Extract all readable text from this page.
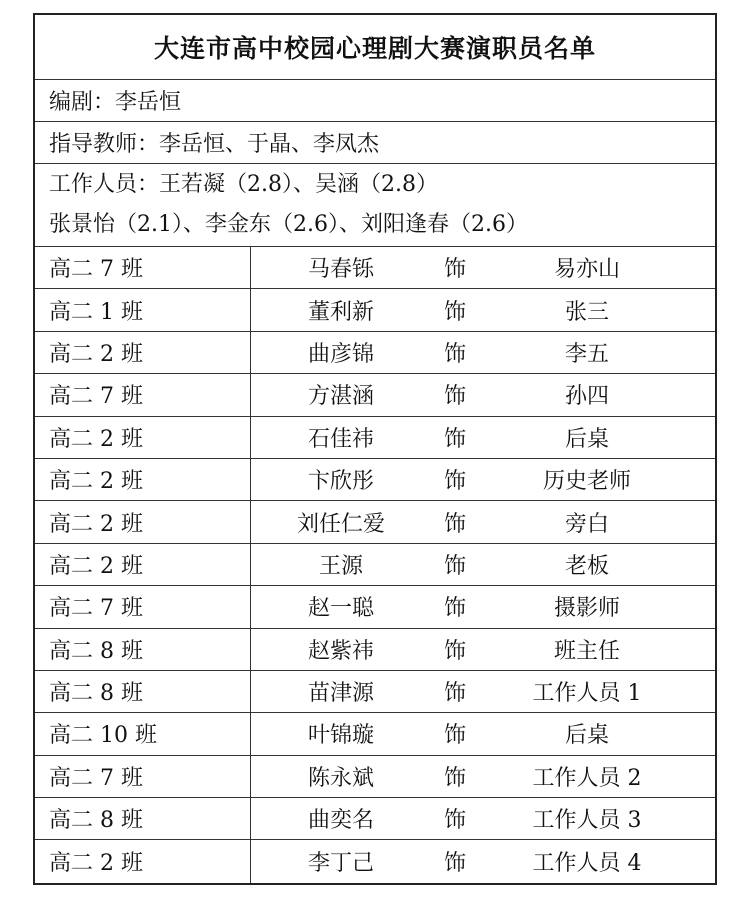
大连市高中校园心理剧大赛演职员名单
编剧：李岳恒
指导教师：李岳恒、于晶、李凤杰
工作人员：王若凝（2.8）、吴涵（2.8）
张景怡（2.1）、李金东（2.6）、刘阳逢春（2.6）
高二 7 班	马春铄	饰	易亦山
高二 1 班	董利新	饰	张三
高二 2 班	曲彦锦	饰	李五
高二 7 班	方湛涵	饰	孙四
高二 2 班	石佳祎	饰	后桌
高二 2 班	卞欣彤	饰	历史老师
高二 2 班	刘任仁爱	饰	旁白
高二 2 班	王源	饰	老板
高二 7 班	赵一聪	饰	摄影师
高二 8 班	赵紫祎	饰	班主任
高二 8 班	苗津源	饰	工作人员 1
高二 10 班	叶锦璇	饰	后桌
高二 7 班	陈永斌	饰	工作人员 2
高二 8 班	曲奕名	饰	工作人员 3
高二 2 班	李丁己	饰	工作人员 4
